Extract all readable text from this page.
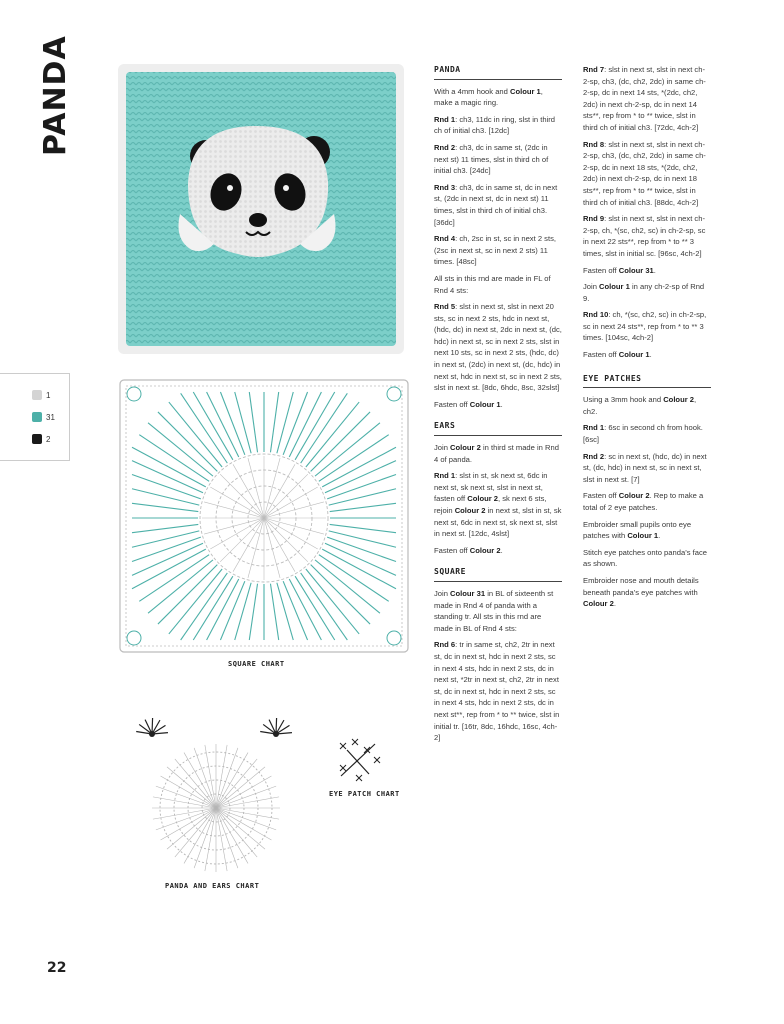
PANDA
1
31
2
SQUARE CHART
PANDA AND EARS CHART
EYE PATCH CHART
PANDA

With a 4mm hook and Colour 1, make a magic ring.

Rnd 1: ch3, 11dc in ring, slst in third ch of initial ch3. [12dc]

Rnd 2: ch3, dc in same st, (2dc in next st) 11 times, slst in third ch of initial ch3. [24dc]

Rnd 3: ch3, dc in same st, dc in next st, (2dc in next st, dc in next st) 11 times, slst in third ch of initial ch3. [36dc]

Rnd 4: ch, 2sc in st, sc in next 2 sts, (2sc in next st, sc in next 2 sts) 11 times. [48sc]

All sts in this rnd are made in FL of Rnd 4 sts:

Rnd 5: slst in next st, slst in next 20 sts, sc in next 2 sts, hdc in next st, (hdc, dc) in next st, 2dc in next st, (dc, hdc) in next st, sc in next 2 sts, slst in next 10 sts, sc in next 2 sts, (hdc, dc) in next st, (2dc) in next st, (dc, hdc) in next st, hdc in next st, sc in next 2 sts, slst in next st. [8dc, 6hdc, 8sc, 32slst]

Fasten off Colour 1.

EARS

Join Colour 2 in third st made in Rnd 4 of panda.

Rnd 1: slst in st, sk next st, 6dc in next st, sk next st, slst in next st, fasten off Colour 2, sk next 6 sts, rejoin Colour 2 in next st, slst in st, sk next st, 6dc in next st, sk next st, slst in next st. [12dc, 4slst]

Fasten off Colour 2.

SQUARE

Join Colour 31 in BL of sixteenth st made in Rnd 4 of panda with a standing tr. All sts in this rnd are made in BL of Rnd 4 sts:

Rnd 6: tr in same st, ch2, 2tr in next st, dc in next st, hdc in next 2 sts, sc in next 4 sts, hdc in next 2 sts, dc in next st, *2tr in next st, ch2, 2tr in next st, dc in next st, hdc in next 2 sts, sc in next 4 sts, hdc in next 2 sts, dc in next st**, rep from * to ** twice, slst in initial tr. [16tr, 8dc, 16hdc, 16sc, 4ch-2]

Rnd 7: slst in next st, slst in next ch-2-sp, ch3, (dc, ch2, 2dc) in same ch-2-sp, dc in next 14 sts, *(2dc, ch2, 2dc) in next ch-2-sp, dc in next 14 sts**, rep from * to ** twice, slst in third ch of initial ch3. [72dc, 4ch-2]

Rnd 8: slst in next st, slst in next ch-2-sp, ch3, (dc, ch2, 2dc) in same ch-2-sp, dc in next 18 sts, *(2dc, ch2, 2dc) in next ch-2-sp, dc in next 18 sts**, rep from * to ** twice, slst in third ch of initial ch3. [88dc, 4ch-2]

Rnd 9: slst in next st, slst in next ch-2-sp, ch, *(sc, ch2, sc) in ch-2-sp, sc in next 22 sts**, rep from * to ** 3 times, slst in initial sc. [96sc, 4ch-2]

Fasten off Colour 31.

Join Colour 1 in any ch-2-sp of Rnd 9.

Rnd 10: ch, *(sc, ch2, sc) in ch-2-sp, sc in next 24 sts**, rep from * to ** 3 times. [104sc, 4ch-2]

Fasten off Colour 1.

EYE PATCHES

Using a 3mm hook and Colour 2, ch2.

Rnd 1: 6sc in second ch from hook. [6sc]

Rnd 2: sc in next st, (hdc, dc) in next st, (dc, hdc) in next st, sc in next st, slst in next st. [7]

Fasten off Colour 2. Rep to make a total of 2 eye patches.

Embroider small pupils onto eye patches with Colour 1.

Stitch eye patches onto panda’s face as shown.

Embroider nose and mouth details beneath panda’s eye patches with Colour 2.

22
